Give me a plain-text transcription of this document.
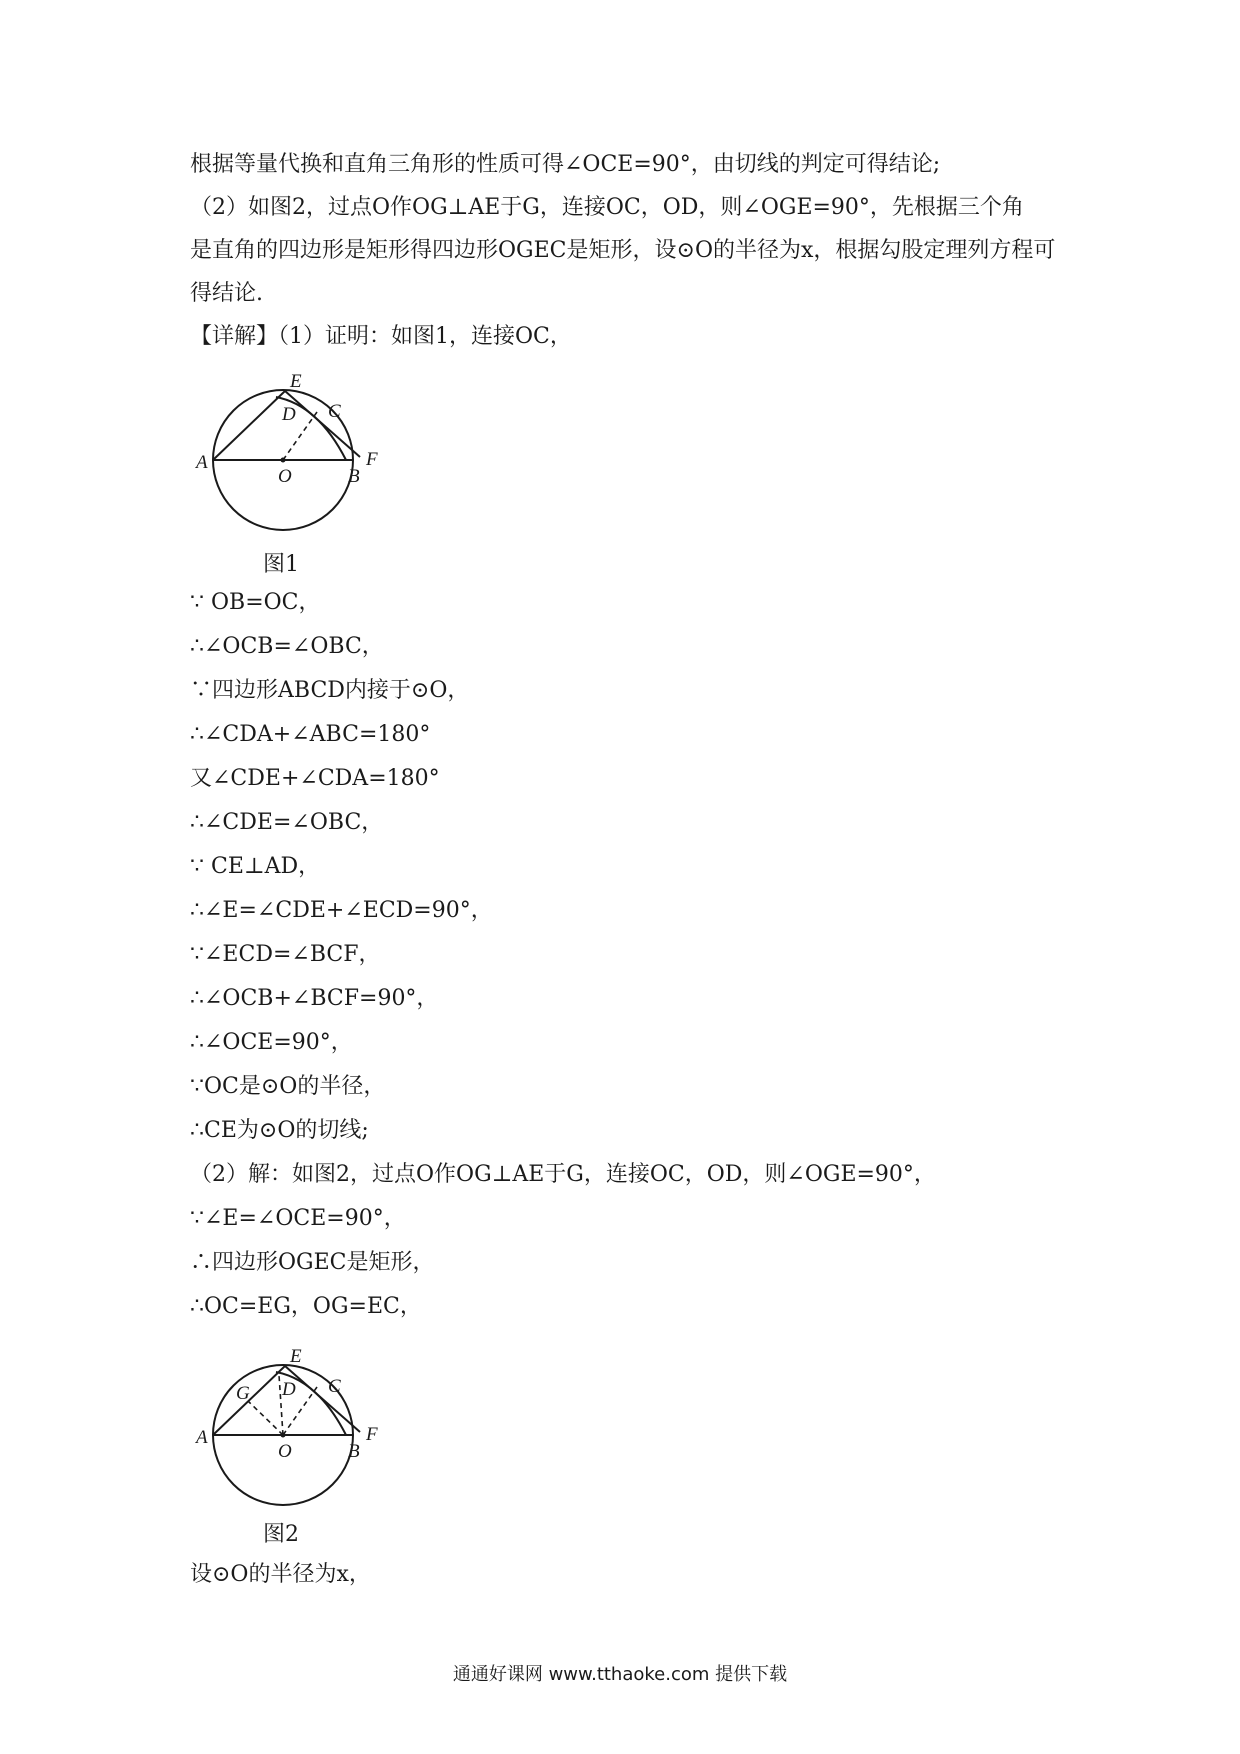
根据等量代换和直角三角形的性质可得∠OCE=90°，由切线的判定可得结论;
（2）如图2，过点O作OG⊥AE于G，连接OC，OD，则∠OGE=90°，先根据三个角
是直角的四边形是矩形得四边形OGEC是矩形，设⊙O的半径为x，根据勾股定理列方程可
得结论.
【详解】（1）证明：如图1，连接OC，
A
O	B
C
D
E
F
图1
∵ OB=OC，
∴∠OCB=∠OBC，
∵四边形ABCD内接于⊙O，
∴∠CDA+∠ABC=180°
又∠CDE+∠CDA=180°
∴∠CDE=∠OBC，
∵ CE⊥AD，
∴∠E=∠CDE+∠ECD=90°，
∵∠ECD=∠BCF，
∴∠OCB+∠BCF=90°，
∴∠OCE=90°，
∵OC是⊙O的半径，
∴CE为⊙O的切线;
（2）解：如图2，过点O作OG⊥AE于G，连接OC，OD，则∠OGE=90°，
∵∠E=∠OCE=90°，
∴四边形OGEC是矩形，
∴OC=EG，OG=EC，
A
O	B
C
D
E
F
G
图2
设⊙O的半径为x，
通通好课网 www.tthaoke.com 提供下载
